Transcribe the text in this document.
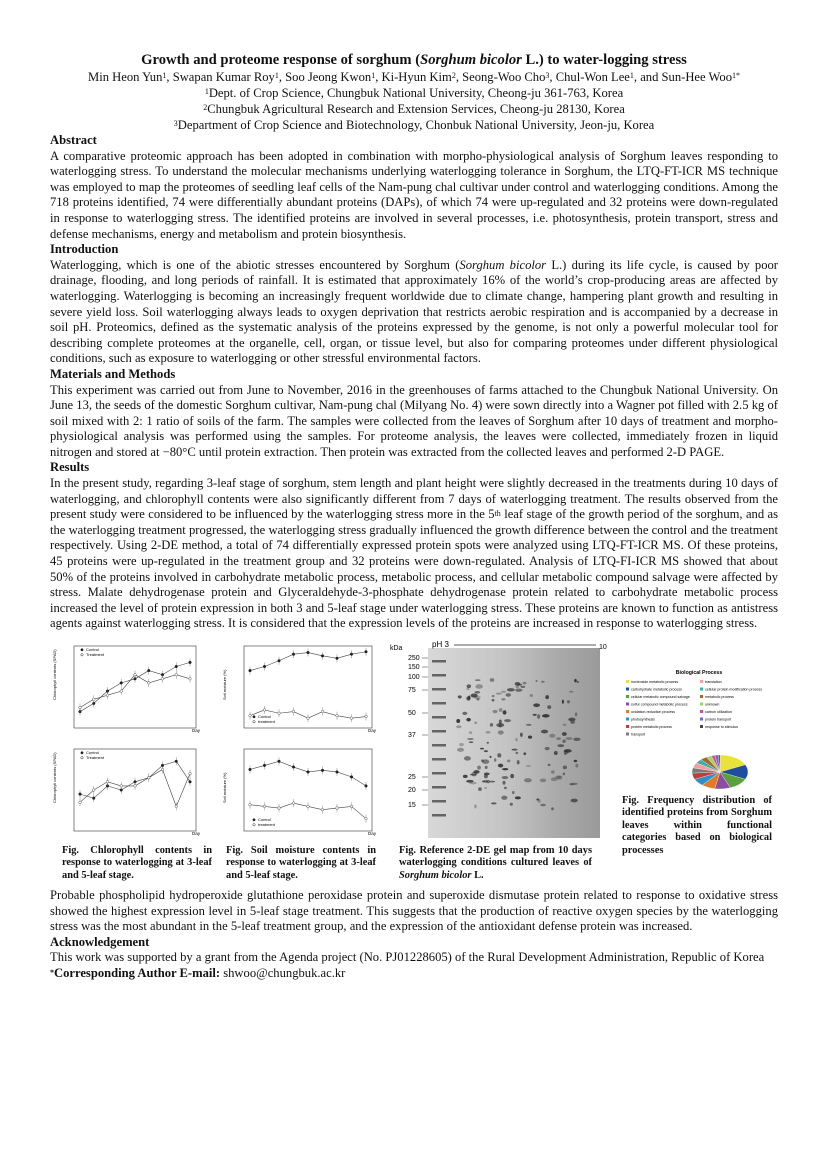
Growth and proteome response of sorghum (Sorghum bicolor L.) to water-logging stress
Min Heon Yun$^1$, Swapan Kumar Roy$^1$, Soo Jeong Kwon$^1$, Ki-Hyun Kim$^2$, Seong-Woo Cho$^3$, Chul-Won Lee$^1$, and Sun-Hee Woo$^{1*}$
$^1$Dept. of Crop Science, Chungbuk National University, Cheong-ju 361-763, Korea
$^2$Chungbuk Agricultural Research and Extension Services, Cheong-ju 28130, Korea
$^3$Department of Crop Science and Biotechnology, Chonbuk National University, Jeon-ju, Korea
Abstract

A comparative proteomic approach has been adopted in combination with morpho-physiological analysis of Sorghum leaves responding to waterlogging stress. To understand the molecular mechanisms underlying waterlogging tolerance in Sorghum, the LTQ-FT-ICR MS technique was employed to map the proteomes of seedling leaf cells of the Nam-pung chal cultivar under control and waterlogging conditions. Among the 718 proteins identified, 74 were differentially abundant proteins (DAPs), of which 74 were up-regulated and 32 proteins were down-regulated in response to waterlogging stress. The identified proteins are involved in several processes, i.e. photosynthesis, protein transport, stress and defense mechanisms, energy and metabolism and protein biosynthesis.

Introduction

Waterlogging, which is one of the abiotic stresses encountered by Sorghum (Sorghum bicolor L.) during its life cycle, is caused by poor drainage, flooding, and long periods of rainfall. It is estimated that approximately 16% of the world’s crop-producing areas are affected by waterlogging. Waterlogging is becoming an increasingly frequent worldwide due to climate change, hampering plant growth and resulting in severe yield loss. Soil waterlogging always leads to oxygen deprivation that restricts aerobic respiration and is accompanied by a decrease in soil pH. Proteomics, defined as the systematic analysis of the proteins expressed by the genome, is not only a powerful molecular tool for describing complete proteomes at the organelle, cell, organ, or tissue level, but also for comparing proteomes under different physiological conditions, such as exposure to waterlogging or other stressful environmental factors.

Materials and Methods

This experiment was carried out from June to November, 2016 in the greenhouses of farms attached to the Chungbuk National University. On June 13, the seeds of the domestic Sorghum cultivar, Nam-pung chal (Milyang No. 4) were sown directly into a Wagner pot filled with 2.5 kg of soil mixed with 2: 1 ratio of soils of the farm. The samples were collected from the leaves of Sorghum after 10 days of treatment and morpho-physiological analysis was performed using the samples. For proteome analysis, the leaves were collected, immediately frozen in liquid nitrogen and stored at −80°C until protein extraction. Then protein was extracted from the collected leaves and performed 2-D PAGE.

Results

In the present study, regarding 3-leaf stage of sorghum, stem length and plant height were slightly decreased in the treatments during 10 days of waterlogging, and chlorophyll contents were also significantly different from 7 days of waterlogging treatment. The results observed from the present study were considered to be influenced by the waterlogging stress more in the 5th leaf stage of the growth period of the sorghum, and as the waterlogging treatment progressed, the waterlogging stress gradually influenced the growth difference between the control and the treatment respectively. Using 2-DE method, a total of 74 differentially expressed protein spots were analyzed using LTQ-FT-ICR MS. Of these proteins, 45 proteins were up-regulated in the treatment group and 32 proteins were down-regulated. Analysis of LTQ-FI-ICR MS showed that about 50% of the proteins involved in carbohydrate metabolic process, metabolic process, and cellular metabolic compound salvage were affected by stress. Malate dehydrogenase protein and Glyceraldehyde-3-phosphate dehydrogenase protein related to carbohydrate metabolic process increased the level of protein expression in both 3 and 5-leaf stage under waterlogging stress. These proteins are known to function as antistress agents against waterlogging stress. It is considered that the expression levels of the proteins are increased in response to waterlogging stress.

Chlorophyll contents (SPAD)
Day
Control
Treatment
Chlorophyll contents (SPAD)
Day
Control
Treatment
Fig. Chlorophyll contents in response to waterlogging at 3-leaf and 5-leaf stage.
Soil moisture (%)
Day
Control
treatment
Soil moisture (%)
Day
Control
treatment
Fig. Soil moisture contents in response to waterlogging at 3-leaf and 5-leaf stage.
kDa	pH 3	10
250
150
100
75
50
37
25
20
15
Fig. Reference 2-DE gel map from 10 days waterlogging conditions cultured leaves of Sorghum bicolor L.
Biological Process
nucleoside metabolic process
carbohydrate metabolic process
cellular metabolic compound salvage
sulfur compound metabolic process
oxidation-reduction process
photosynthesis
protein metabolic process
transport
translation
cellular protein modification process
metabolic process
unknown
carbon utilization
protein transport
response to stimulus
Fig. Frequency distribution of identified proteins from Sorghum leaves within functional categories based on biological processes

Probable phospholipid hydroperoxide glutathione peroxidase protein and superoxide dismutase protein related to response to oxidative stress showed the highest expression level in 5-leaf stage treatment. This suggests that the production of reactive oxygen species by the waterlogging stress was the most abundant in the 5-leaf treatment group, and the expression of the antioxidant defense protein was increased.

Acknowledgement

This work was supported by a grant from the Agenda project (No. PJ01228605) of the Rural Development Administration, Republic of Korea

*Corresponding Author E-mail: shwoo@chungbuk.ac.kr
